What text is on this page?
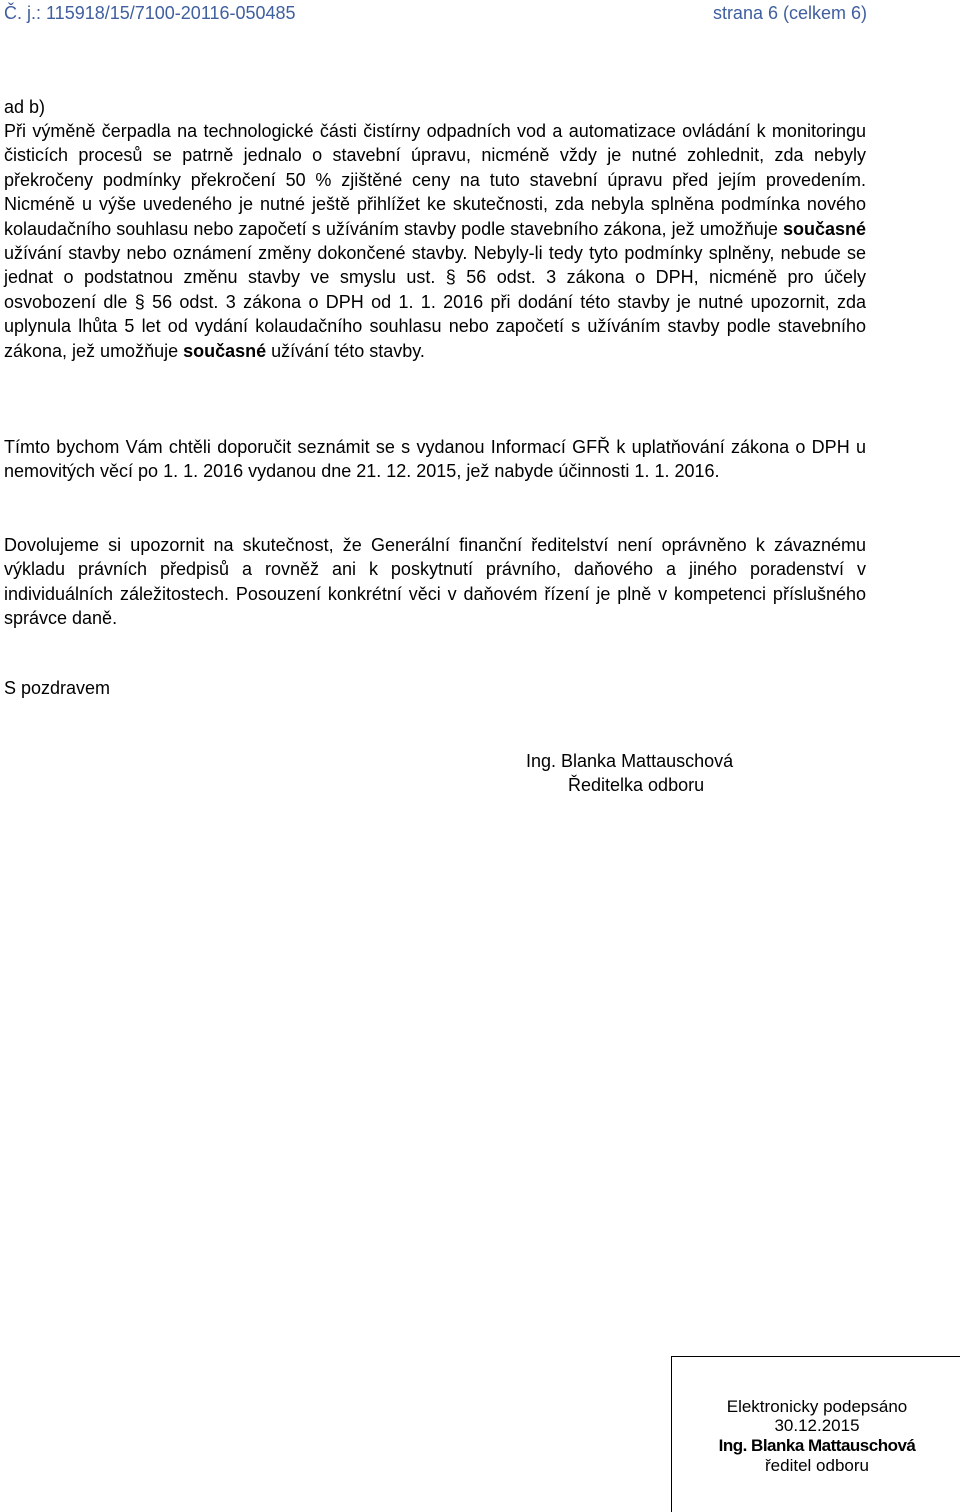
Č. j.: 115918/15/7100-20116-050485	strana 6 (celkem 6)
ad b)
Při výměně čerpadla na technologické části čistírny odpadních vod a automatizace ovládání k monitoringu čisticích procesů se patrně jednalo o stavební úpravu, nicméně vždy je nutné zohlednit, zda nebyly překročeny podmínky překročení 50 % zjištěné ceny na tuto stavební úpravu před jejím provedením. Nicméně u výše uvedeného je nutné ještě přihlížet ke skutečnosti, zda nebyla splněna podmínka nového kolaudačního souhlasu nebo započetí s užíváním stavby podle stavebního zákona, jež umožňuje současné užívání stavby nebo oznámení změny dokončené stavby. Nebyly-li tedy tyto podmínky splněny, nebude se jednat o podstatnou změnu stavby ve smyslu ust. § 56 odst. 3 zákona o DPH, nicméně pro účely osvobození dle § 56 odst. 3 zákona o DPH od 1. 1. 2016 při dodání této stavby je nutné upozornit, zda uplynula lhůta 5 let od vydání kolaudačního souhlasu nebo započetí s užíváním stavby podle stavebního zákona, jež umožňuje současné užívání této stavby.
Tímto bychom Vám chtěli doporučit seznámit se s vydanou Informací GFŘ k uplatňování zákona o DPH u nemovitých věcí po 1. 1. 2016 vydanou dne 21. 12. 2015, jež nabyde účinnosti 1. 1. 2016.
Dovolujeme si upozornit na skutečnost, že Generální finanční ředitelství není oprávněno k závaznému výkladu právních předpisů a rovněž ani k poskytnutí právního, daňového a jiného poradenství v individuálních záležitostech. Posouzení konkrétní věci v daňovém řízení je plně v kompetenci příslušného správce daně.
S pozdravem
Ing. Blanka Mattauschová
Ředitelka odboru
Elektronicky podepsáno
30.12.2015
Ing. Blanka Mattauschová
ředitel odboru
